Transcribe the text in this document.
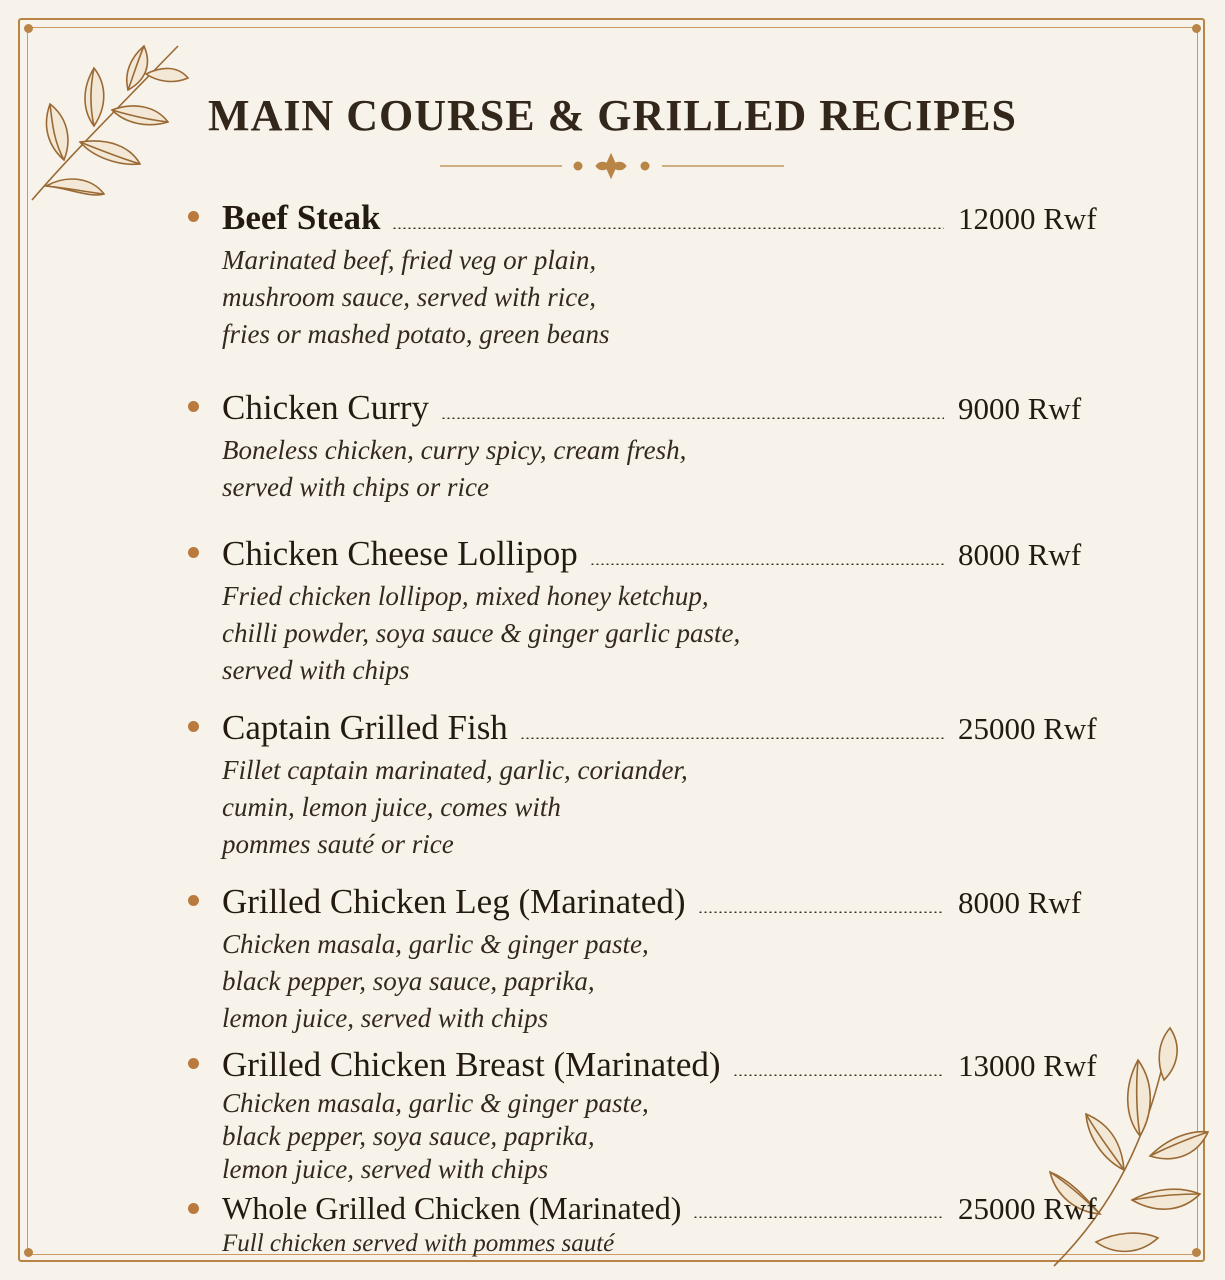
MAIN COURSE & GRILLED RECIPES
Beef Steak	12000 Rwf
Marinated beef, fried veg or plain,
mushroom sauce, served with rice,
fries or mashed potato, green beans
Chicken Curry	9000 Rwf
Boneless chicken, curry spicy, cream fresh,
served with chips or rice
Chicken Cheese Lollipop	8000 Rwf
Fried chicken lollipop, mixed honey ketchup,
chilli powder, soya sauce & ginger garlic paste,
served with chips
Captain Grilled Fish	25000 Rwf
Fillet captain marinated, garlic, coriander,
cumin, lemon juice, comes with
pommes sauté or rice
Grilled Chicken Leg (Marinated)	8000 Rwf
Chicken masala, garlic & ginger paste,
black pepper, soya sauce, paprika,
lemon juice, served with chips
Grilled Chicken Breast (Marinated)	13000 Rwf
Chicken masala, garlic & ginger paste,
black pepper, soya sauce, paprika,
lemon juice, served with chips
Whole Grilled Chicken (Marinated)	25000 Rwf
Full chicken served with pommes sauté
